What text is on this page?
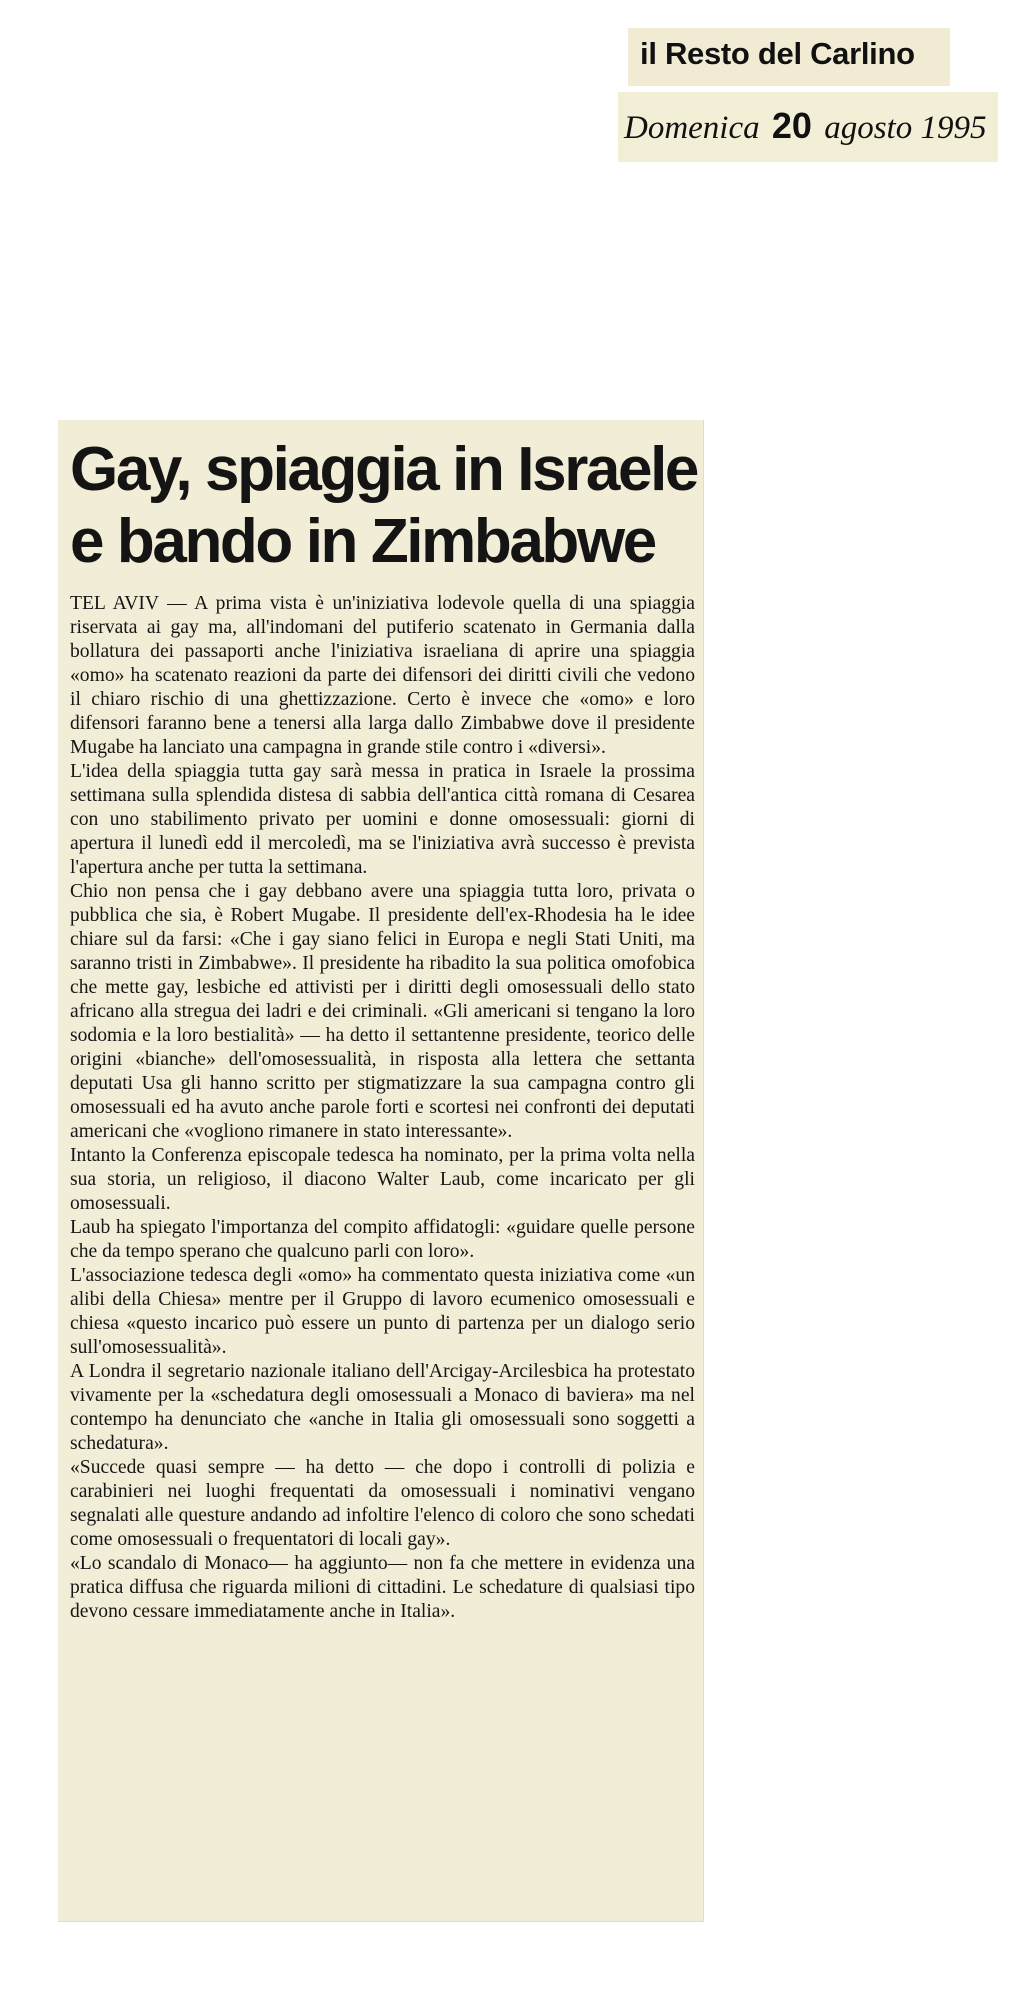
il Resto del Carlino
Domenica 20 agosto 1995
Gay, spiaggia in Israele
e bando in Zimbabwe

TEL AVIV — A prima vista è un'iniziativa lodevole quella di una spiaggia riservata ai gay ma, all'indomani del putiferio scatenato in Germania dalla bollatura dei passaporti anche l'iniziativa israeliana di aprire una spiaggia «omo» ha scatenato reazioni da parte dei difensori dei diritti civili che vedono il chiaro rischio di una ghettizzazione. Certo è invece che «omo» e loro difensori faranno bene a tenersi alla larga dallo Zimbabwe dove il presidente Mugabe ha lanciato una campagna in grande stile contro i «diversi».

L'idea della spiaggia tutta gay sarà messa in pratica in Israele la prossima settimana sulla splendida distesa di sabbia dell'antica città romana di Cesarea con uno stabilimento privato per uomini e donne omosessuali: giorni di apertura il lunedì edd il mercoledì, ma se l'iniziativa avrà successo è prevista l'apertura anche per tutta la settimana.

Chio non pensa che i gay debbano avere una spiaggia tutta loro, privata o pubblica che sia, è Robert Mugabe. Il presidente dell'ex-Rhodesia ha le idee chiare sul da farsi: «Che i gay siano felici in Europa e negli Stati Uniti, ma saranno tristi in Zimbabwe». Il presidente ha ribadito la sua politica omofobica che mette gay, lesbiche ed attivisti per i diritti degli omosessuali dello stato africano alla stregua dei ladri e dei criminali. «Gli americani si tengano la loro sodomia e la loro bestialità» — ha detto il settantenne presidente, teorico delle origini «bianche» dell'omosessualità, in risposta alla lettera che settanta deputati Usa gli hanno scritto per stigmatizzare la sua campagna contro gli omosessuali ed ha avuto anche parole forti e scortesi nei confronti dei deputati americani che «vogliono rimanere in stato interessante».

Intanto la Conferenza episcopale tedesca ha nominato, per la prima volta nella sua storia, un religioso, il diacono Walter Laub, come incaricato per gli omosessuali.

Laub ha spiegato l'importanza del compito affidatogli: «guidare quelle persone che da tempo sperano che qualcuno parli con loro».

L'associazione tedesca degli «omo» ha commentato questa iniziativa come «un alibi della Chiesa» mentre per il Gruppo di lavoro ecumenico omosessuali e chiesa «questo incarico può essere un punto di partenza per un dialogo serio sull'omosessualità».

A Londra il segretario nazionale italiano dell'Arcigay-Arcilesbica ha protestato vivamente per la «schedatura degli omosessuali a Monaco di baviera» ma nel contempo ha denunciato che «anche in Italia gli omosessuali sono soggetti a schedatura».

«Succede quasi sempre — ha detto — che dopo i controlli di polizia e carabinieri nei luoghi frequentati da omosessuali i nominativi vengano segnalati alle questure andando ad infoltire l'elenco di coloro che sono schedati come omosessuali o frequentatori di locali gay».

«Lo scandalo di Monaco— ha aggiunto— non fa che mettere in evidenza una pratica diffusa che riguarda milioni di cittadini. Le schedature di qualsiasi tipo devono cessare immediatamente anche in Italia».
